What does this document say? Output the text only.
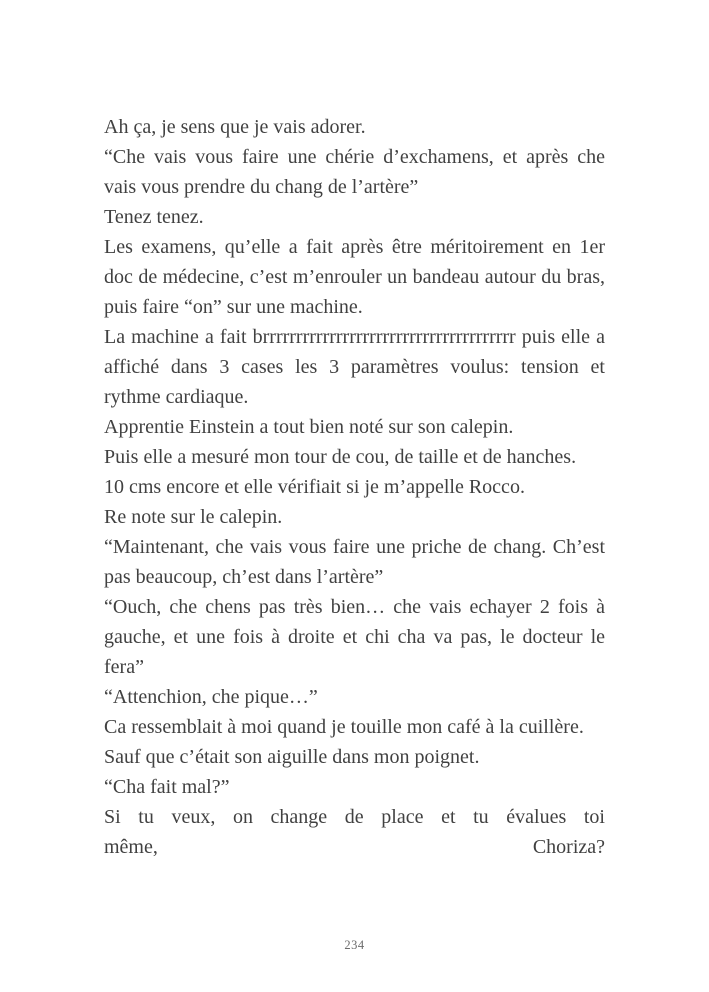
Ah ça, je sens que je vais adorer.

“Che vais vous faire une chérie d’exchamens, et après che vais vous prendre du chang de l’artère”

Tenez tenez.

Les examens, qu’elle a fait après être méritoirement en 1er doc de médecine, c’est m’enrouler un bandeau autour du bras, puis faire “on” sur une machine.

La machine a fait brrrrrrrrrrrrrrrrrrrrrrrrrrrrrrrrrrrrrr puis elle a affiché dans 3 cases les 3 paramètres voulus: tension et rythme cardiaque.

Apprentie Einstein a tout bien noté sur son calepin.

Puis elle a mesuré mon tour de cou, de taille et de hanches.

10 cms encore et elle vérifiait si je m’appelle Rocco.

Re note sur le calepin.

“Maintenant, che vais vous faire une priche de chang. Ch’est pas beaucoup, ch’est dans l’artère”

“Ouch, che chens pas très bien… che vais echayer 2 fois à gauche, et une fois à droite et chi cha va pas, le docteur le fera”

“Attenchion, che pique…”

Ca ressemblait à moi quand je touille mon café à la cuillère.

Sauf que c’était son aiguille dans mon poignet.

“Cha fait mal?”

Si tu veux, on change de place et tu évalues toi

même,	Choriza?
234
